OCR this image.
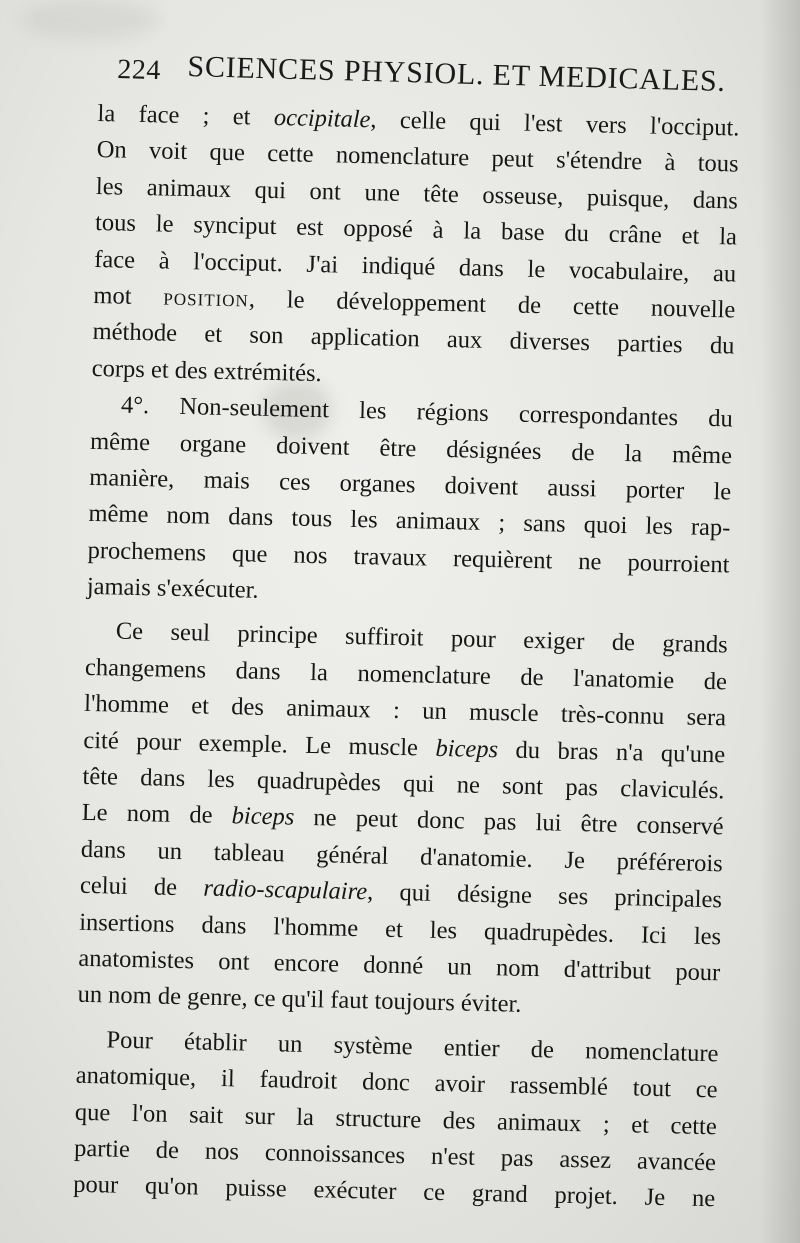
224 SCIENCES PHYSIOL. ET MEDICALES.
la face ; et occipitale, celle qui l'est vers l'occiput.
On voit que cette nomenclature peut s'étendre à tous
les animaux qui ont une tête osseuse, puisque, dans
tous le synciput est opposé à la base du crâne et la
face à l'occiput. J'ai indiqué dans le vocabulaire, au
mot position, le développement de cette nouvelle
méthode et son application aux diverses parties du
corps et des extrémités.
4°. Non-seulement les régions correspondantes du
même organe doivent être désignées de la même
manière, mais ces organes doivent aussi porter le
même nom dans tous les animaux ; sans quoi les rap-
prochemens que nos travaux requièrent ne pourroient
jamais s'exécuter.
Ce seul principe suffiroit pour exiger de grands
changemens dans la nomenclature de l'anatomie de
l'homme et des animaux : un muscle très-connu sera
cité pour exemple. Le muscle biceps du bras n'a qu'une
tête dans les quadrupèdes qui ne sont pas claviculés.
Le nom de biceps ne peut donc pas lui être conservé
dans un tableau général d'anatomie. Je préférerois
celui de radio-scapulaire, qui désigne ses principales
insertions dans l'homme et les quadrupèdes. Ici les
anatomistes ont encore donné un nom d'attribut pour
un nom de genre, ce qu'il faut toujours éviter.
Pour établir un système entier de nomenclature
anatomique, il faudroit donc avoir rassemblé tout ce
que l'on sait sur la structure des animaux ; et cette
partie de nos connoissances n'est pas assez avancée
pour qu'on puisse exécuter ce grand projet. Je ne
